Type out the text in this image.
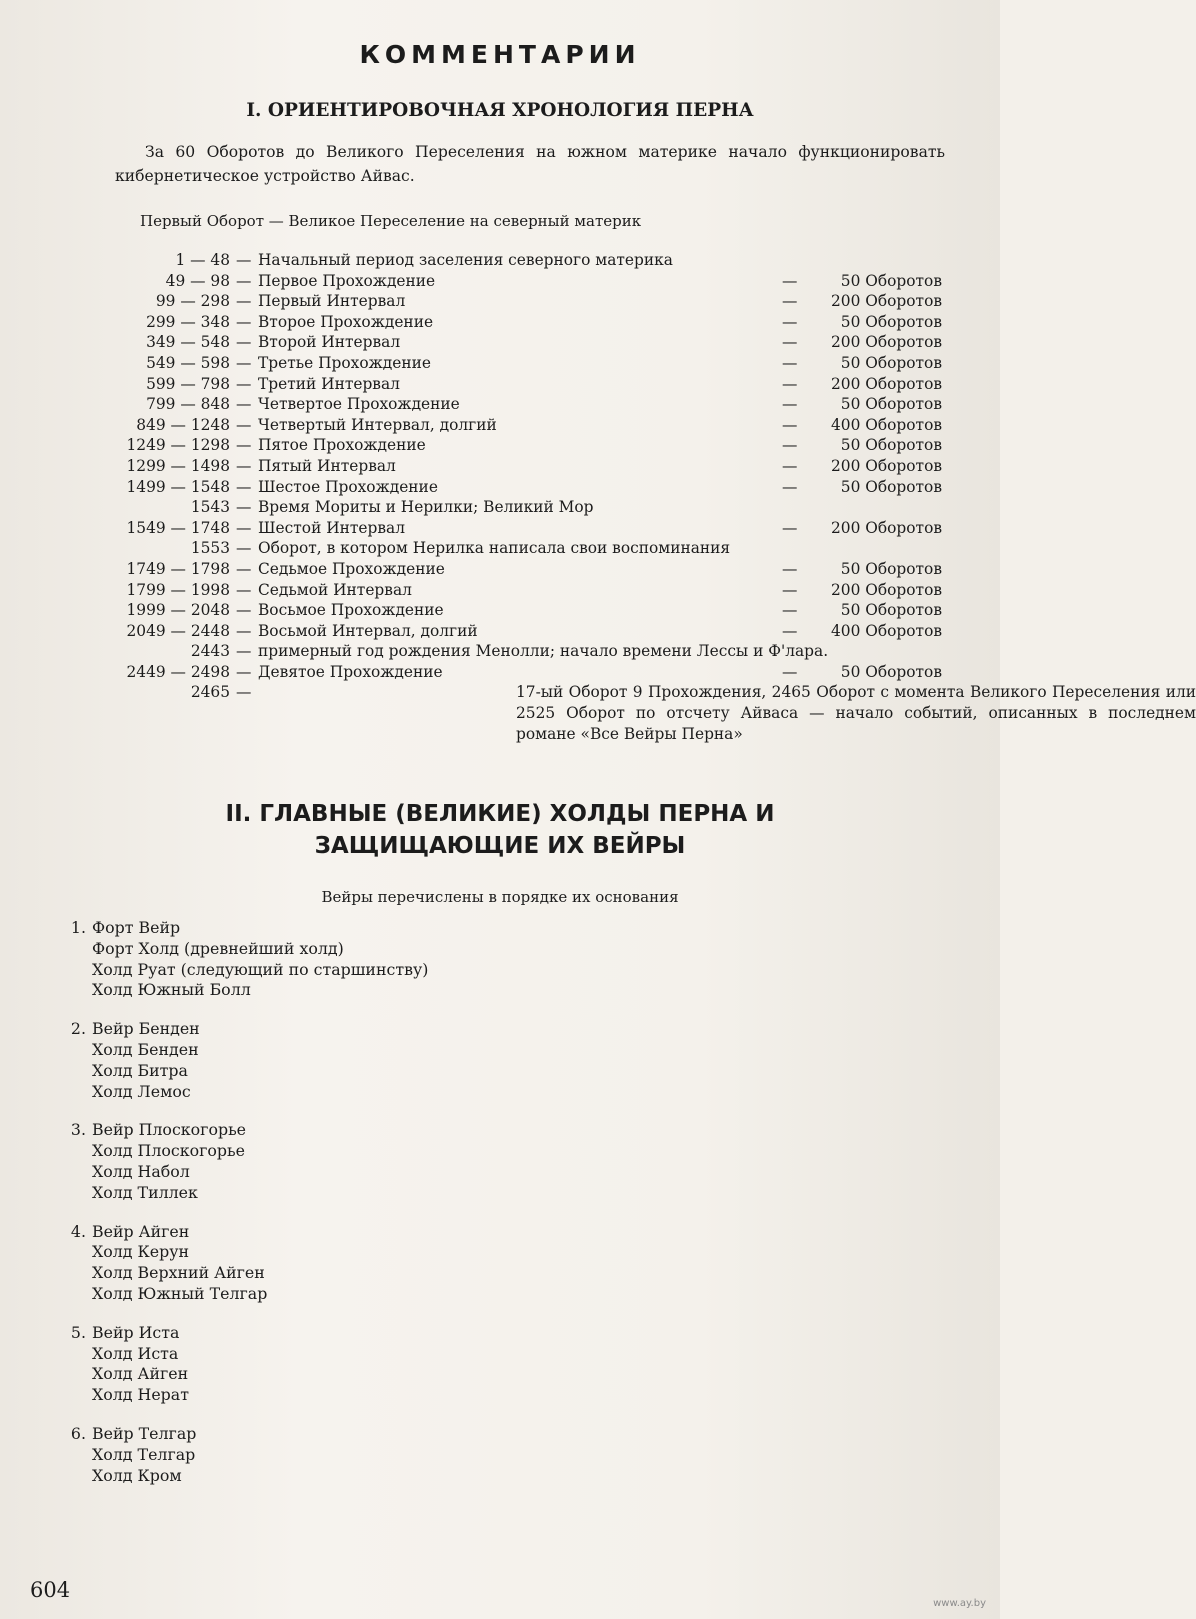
КОММЕНТАРИИ
I. ОРИЕНТИРОВОЧНАЯ ХРОНОЛОГИЯ ПЕРНА

За 60 Оборотов до Великого Переселения на южном материке начало функционировать кибернетическое устройство Айвас.

Первый Оборот — Великое Переселение на северный материк

1 — 48 — Начальный период заселения северного материка
49 — 98 — Первое Прохождение	—	50 Оборотов
99 — 298 — Первый Интервал	— 200 Оборотов
299 — 348 — Второе Прохождение	—	50 Оборотов
349 — 548 — Второй Интервал	— 200 Оборотов
549 — 598 — Третье Прохождение	—	50 Оборотов
599 — 798 — Третий Интервал	— 200 Оборотов
799 — 848 — Четвертое Прохождение	—	50 Оборотов
849 — 1248 — Четвертый Интервал, долгий	— 400 Оборотов
1249 — 1298 — Пятое Прохождение	—	50 Оборотов
1299 — 1498 — Пятый Интервал	— 200 Оборотов
1499 — 1548 — Шестое Прохождение	—	50 Оборотов
1543 — Время Мориты и Нерилки; Великий Мор
1549 — 1748 — Шестой Интервал	— 200 Оборотов
1553 — Оборот, в котором Нерилка написала свои воспоминания
1749 — 1798 — Седьмое Прохождение	—	50 Оборотов
1799 — 1998 — Седьмой Интервал	— 200 Оборотов
1999 — 2048 — Восьмое Прохождение	—	50 Оборотов
2049 — 2448 — Восьмой Интервал, долгий	— 400 Оборотов
2443 — примерный год рождения Менолли; начало времени Лессы и Ф'лара.
2449 — 2498 — Девятое Прохождение	—	50 Оборотов
2465 —	17-ый Оборот 9 Прохождения, 2465 Оборот с момента Великого Переселения или 2525 Оборот по отсчету Айваса — начало событий, описанных в последнем романе «Все Вейры Перна»
II. ГЛАВНЫЕ (ВЕЛИКИЕ) ХОЛДЫ ПЕРНА И
ЗАЩИЩАЮЩИЕ ИХ ВЕЙРЫ

Вейры перечислены в порядке их основания

1. Форт Вейр
Форт Холд (древнейший холд)
Холд Руат (следующий по старшинству)
Холд Южный Болл
2. Вейр Бенден
Холд Бенден
Холд Битра
Холд Лемос
3. Вейр Плоскогорье
Холд Плоскогорье
Холд Набол
Холд Тиллек
4. Вейр Айген
Холд Керун
Холд Верхний Айген
Холд Южный Телгар
5. Вейр Иста
Холд Иста
Холд Айген
Холд Нерат
6. Вейр Телгар
Холд Телгар
Холд Кром
604
www.ay.by
